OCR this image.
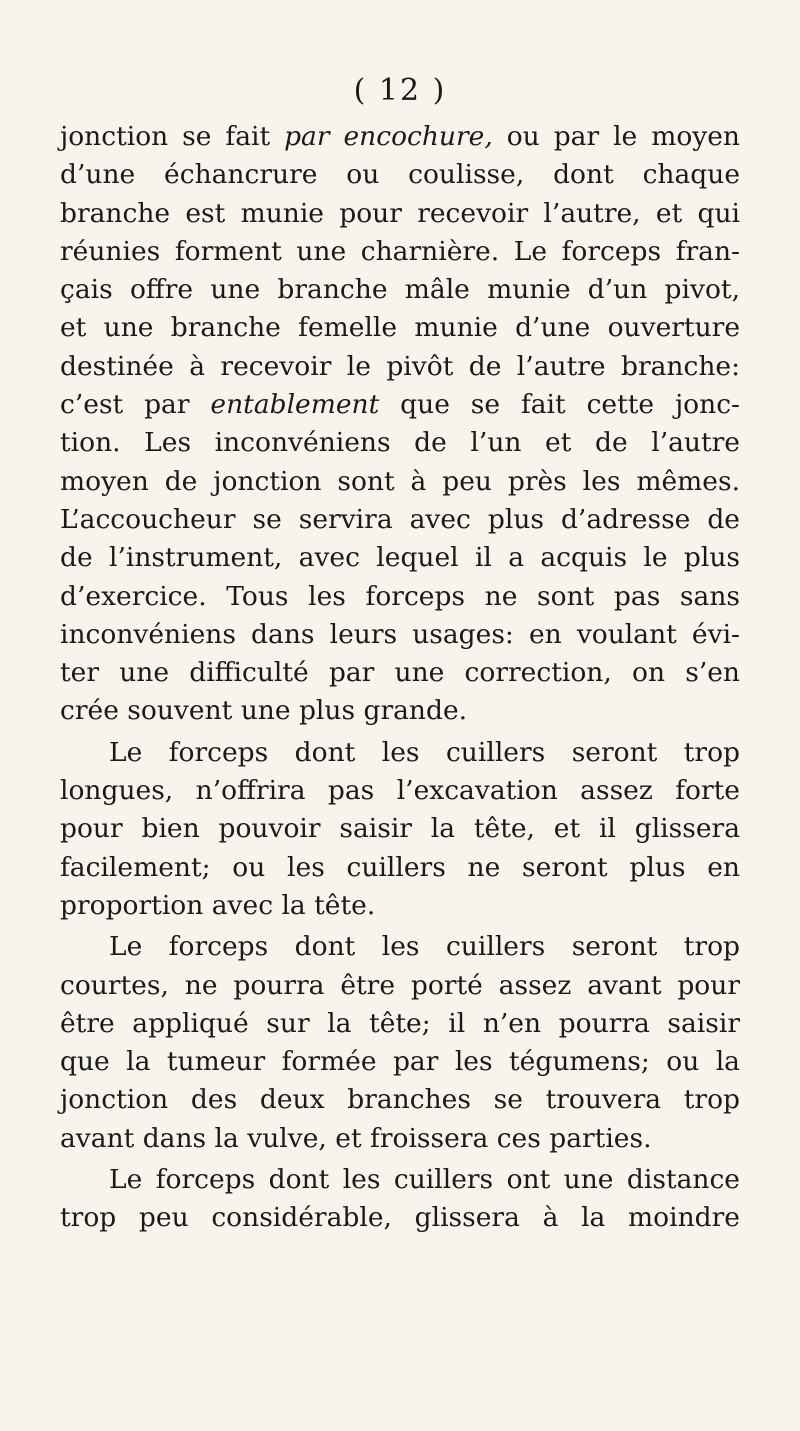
( 12 )
jonction se fait par encochure, ou par le moyen
d’une échancrure ou coulisse, dont chaque
branche est munie pour recevoir l’autre, et qui
réunies forment une charnière. Le forceps fran-
çais offre une branche mâle munie d’un pivot,
et une branche femelle munie d’une ouverture
destinée à recevoir le pivôt de l’autre branche:
c’est par entablement que se fait cette jonc-
tion. Les inconvéniens de l’un et de l’autre
moyen de jonction sont à peu près les mêmes.
L’accoucheur se servira avec plus d’adresse de
de l’instrument, avec lequel il a acquis le plus
d’exercice. Tous les forceps ne sont pas sans
inconvéniens dans leurs usages: en voulant évi-
ter une difficulté par une correction, on s’en
crée souvent une plus grande.
Le forceps dont les cuillers seront trop
longues, n’offrira pas l’excavation assez forte
pour bien pouvoir saisir la tête, et il glissera
facilement; ou les cuillers ne seront plus en
proportion avec la tête.
Le forceps dont les cuillers seront trop
courtes, ne pourra être porté assez avant pour
être appliqué sur la tête; il n’en pourra saisir
que la tumeur formée par les tégumens; ou la
jonction des deux branches se trouvera trop
avant dans la vulve, et froissera ces parties.
Le forceps dont les cuillers ont une distance
trop peu considérable, glissera à la moindre
